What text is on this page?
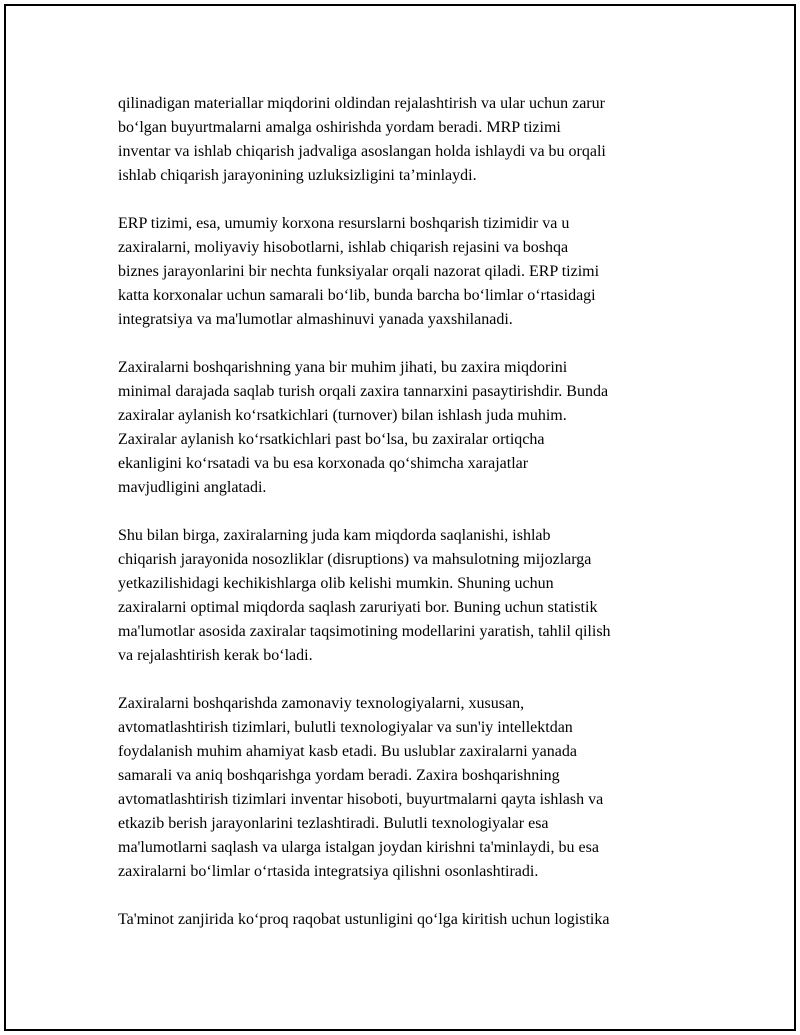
qilinadigan materiallar miqdorini oldindan rejalashtirish va ular uchun zarur
bo‘lgan buyurtmalarni amalga oshirishda yordam beradi. MRP tizimi
inventar va ishlab chiqarish jadvaliga asoslangan holda ishlaydi va bu orqali
ishlab chiqarish jarayonining uzluksizligini ta’minlaydi.

ERP tizimi, esa, umumiy korxona resurslarni boshqarish tizimidir va u
zaxiralarni, moliyaviy hisobotlarni, ishlab chiqarish rejasini va boshqa
biznes jarayonlarini bir nechta funksiyalar orqali nazorat qiladi. ERP tizimi
katta korxonalar uchun samarali bo‘lib, bunda barcha bo‘limlar o‘rtasidagi
integratsiya va ma'lumotlar almashinuvi yanada yaxshilanadi.

Zaxiralarni boshqarishning yana bir muhim jihati, bu zaxira miqdorini
minimal darajada saqlab turish orqali zaxira tannarxini pasaytirishdir. Bunda
zaxiralar aylanish ko‘rsatkichlari (turnover) bilan ishlash juda muhim.
Zaxiralar aylanish ko‘rsatkichlari past bo‘lsa, bu zaxiralar ortiqcha
ekanligini ko‘rsatadi va bu esa korxonada qo‘shimcha xarajatlar
mavjudligini anglatadi.

Shu bilan birga, zaxiralarning juda kam miqdorda saqlanishi, ishlab
chiqarish jarayonida nosozliklar (disruptions) va mahsulotning mijozlarga
yetkazilishidagi kechikishlarga olib kelishi mumkin. Shuning uchun
zaxiralarni optimal miqdorda saqlash zaruriyati bor. Buning uchun statistik
ma'lumotlar asosida zaxiralar taqsimotining modellarini yaratish, tahlil qilish
va rejalashtirish kerak bo‘ladi.

Zaxiralarni boshqarishda zamonaviy texnologiyalarni, xususan,
avtomatlashtirish tizimlari, bulutli texnologiyalar va sun'iy intellektdan
foydalanish muhim ahamiyat kasb etadi. Bu uslublar zaxiralarni yanada
samarali va aniq boshqarishga yordam beradi. Zaxira boshqarishning
avtomatlashtirish tizimlari inventar hisoboti, buyurtmalarni qayta ishlash va
etkazib berish jarayonlarini tezlashtiradi. Bulutli texnologiyalar esa
ma'lumotlarni saqlash va ularga istalgan joydan kirishni ta'minlaydi, bu esa
zaxiralarni bo‘limlar o‘rtasida integratsiya qilishni osonlashtiradi.

Ta'minot zanjirida ko‘proq raqobat ustunligini qo‘lga kiritish uchun logistika
